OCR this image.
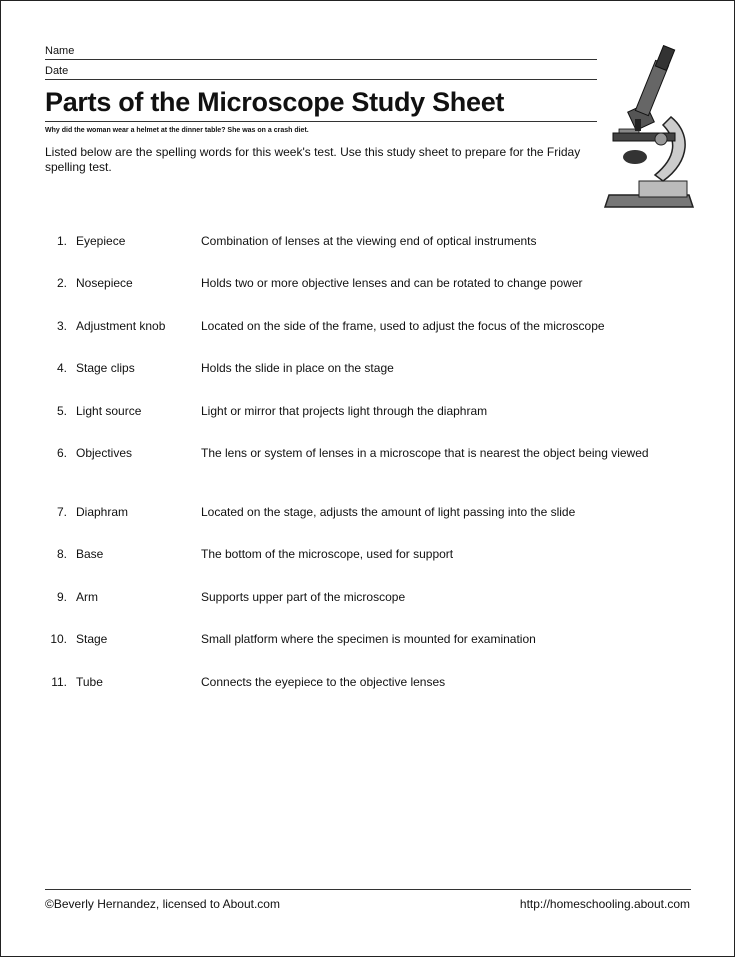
Name
Date
Parts of the Microscope Study Sheet
Why did the woman wear a helmet at the dinner table? She was on a crash diet.
Listed below are the spelling words for this week's test. Use this study sheet to prepare for the Friday spelling test.
1. Eyepiece	Combination of lenses at the viewing end of optical instruments
2. Nosepiece	Holds two or more objective lenses and can be rotated to change power
3. Adjustment knob	Located on the side of the frame, used to adjust the focus of the microscope
4. Stage clips	Holds the slide in place on the stage
5. Light source	Light or mirror that projects light through the diaphram
6. Objectives	The lens or system of lenses in a microscope that is nearest the object being viewed
7. Diaphram	Located on the stage, adjusts the amount of light passing into the slide
8. Base	The bottom of the microscope, used for support
9. Arm	Supports upper part of the microscope
10. Stage	Small platform where the specimen is mounted for examination
11. Tube	Connects the eyepiece to the objective lenses
©Beverly Hernandez, licensed to About.com	http://homeschooling.about.com
